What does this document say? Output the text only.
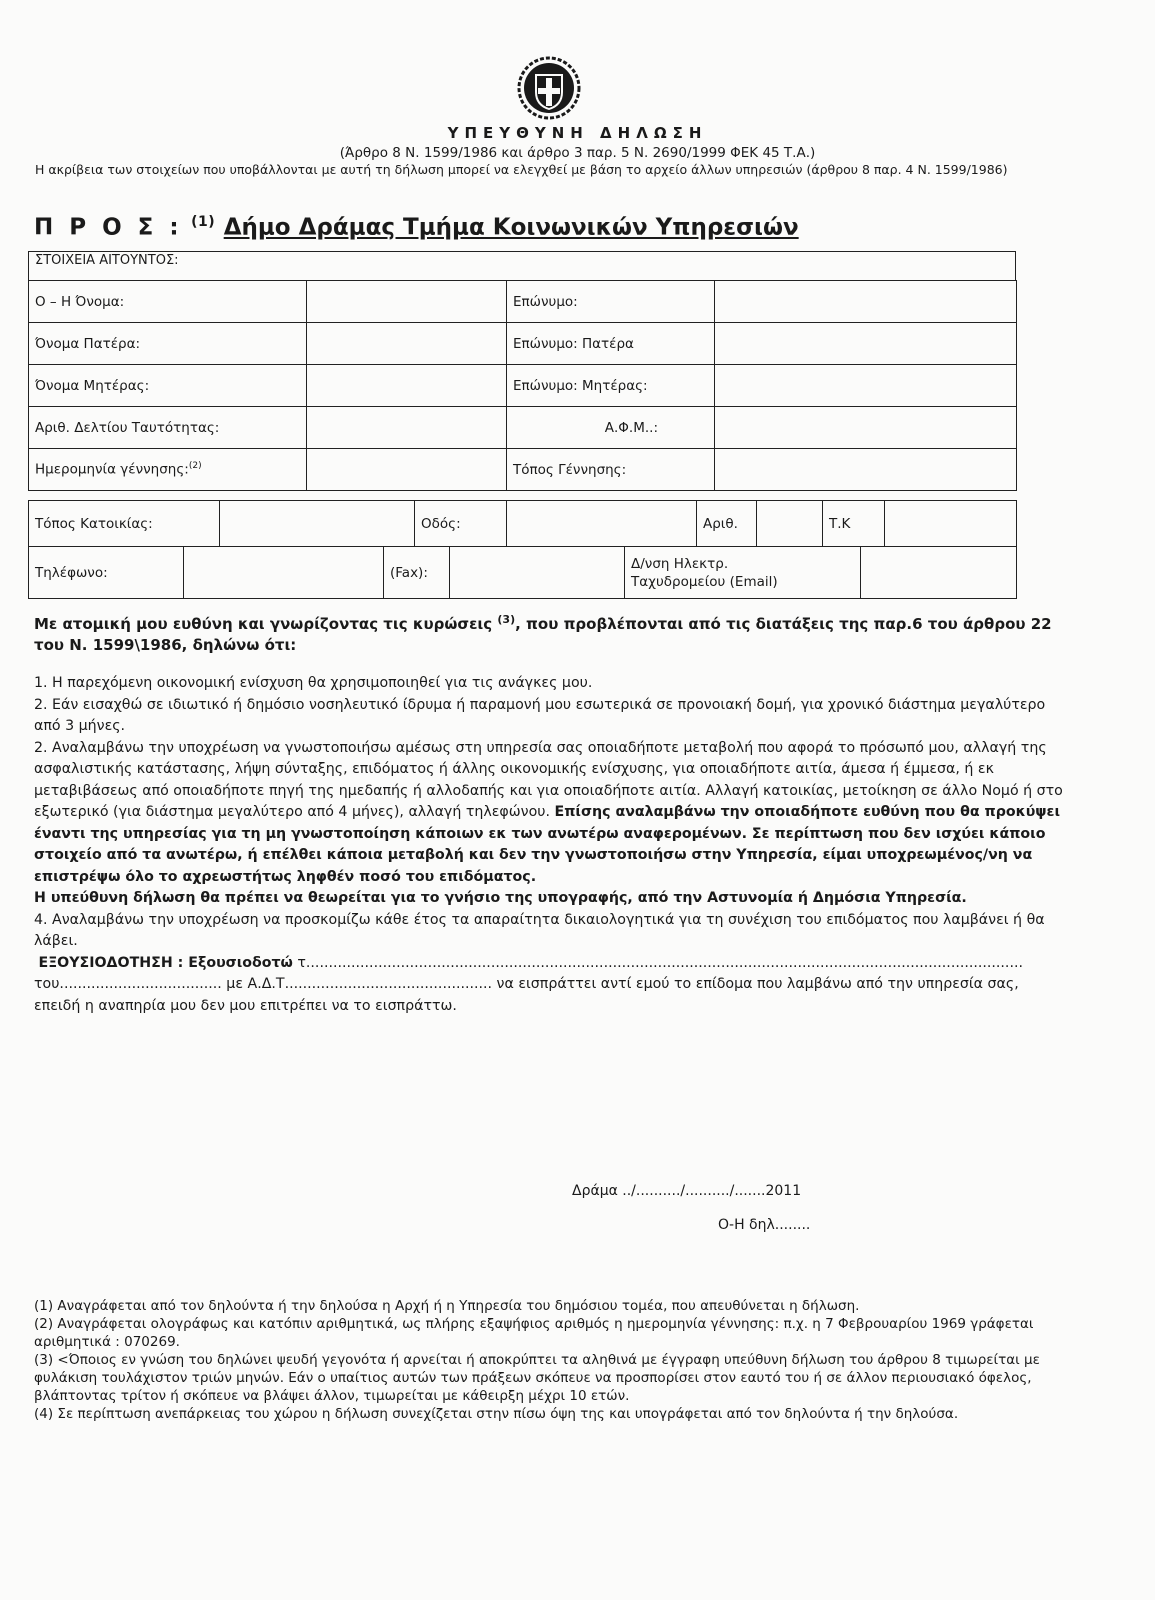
ΥΠΕΥΘΥΝΗ ΔΗΛΩΣΗ
(Άρθρο 8 Ν. 1599/1986 και άρθρο 3 παρ. 5 Ν. 2690/1999 ΦΕΚ 45 Τ.Α.)
Η ακρίβεια των στοιχείων που υποβάλλονται με αυτή τη δήλωση μπορεί να ελεγχθεί με βάση το αρχείο άλλων υπηρεσιών (άρθρου 8 παρ. 4 Ν. 1599/1986)
Π Ρ Ο Σ : $^{(1)}$ Δήμο Δράμας Τμήμα Κοινωνικών Υπηρεσιών
ΣΤΟΙΧΕΙΑ ΑΙΤΟΥΝΤΟΣ:
Ο – Η Όνομα:		Επώνυμο:	
Όνομα Πατέρα:		Επώνυμο: Πατέρα	
Όνομα Μητέρας:		Επώνυμο: Μητέρας:	
Αριθ. Δελτίου Ταυτότητας:		Α.Φ.Μ..:	
Ημερομηνία γέννησης:$^{(2)}$		Τόπος Γέννησης:	
Τόπος Κατοικίας:		Οδός:		Αριθ.		Τ.Κ	
Τηλέφωνο:		(Fax):		
Δ/νση Ηλεκτρ.
Ταχυδρομείου (Email)

Με ατομική μου ευθύνη και γνωρίζοντας τις κυρώσεις $^{(3)}$, που προβλέπονται από τις διατάξεις της παρ.6 του άρθρου 22 του Ν. 1599\1986, δηλώνω ότι:

1. Η παρεχόμενη οικονομική ενίσχυση θα χρησιμοποιηθεί για τις ανάγκες μου.

2. Εάν εισαχθώ σε ιδιωτικό ή δημόσιο νοσηλευτικό ίδρυμα ή παραμονή μου εσωτερικά σε προνοιακή δομή, για χρονικό διάστημα μεγαλύτερο από 3 μήνες.

2. Αναλαμβάνω την υποχρέωση να γνωστοποιήσω αμέσως στη υπηρεσία σας οποιαδήποτε μεταβολή που αφορά το πρόσωπό μου, αλλαγή της ασφαλιστικής κατάστασης, λήψη σύνταξης, επιδόματος ή άλλης οικονομικής ενίσχυσης, για οποιαδήποτε αιτία, άμεσα ή έμμεσα, ή εκ μεταβιβάσεως από οποιαδήποτε πηγή της ημεδαπής ή αλλοδαπής και για οποιαδήποτε αιτία. Αλλαγή κατοικίας, μετοίκηση σε άλλο Νομό ή στο εξωτερικό (για διάστημα μεγαλύτερο από 4 μήνες), αλλαγή τηλεφώνου. Επίσης αναλαμβάνω την οποιαδήποτε ευθύνη που θα προκύψει έναντι της υπηρεσίας για τη μη γνωστοποίηση κάποιων εκ των ανωτέρω αναφερομένων. Σε περίπτωση που δεν ισχύει κάποιο στοιχείο από τα ανωτέρω, ή επέλθει κάποια μεταβολή και δεν την γνωστοποιήσω στην Υπηρεσία, είμαι υποχρεωμένος/νη να επιστρέψω όλο το αχρεωστήτως ληφθέν ποσό του επιδόματος.

Η υπεύθυνη δήλωση θα πρέπει να θεωρείται για το γνήσιο της υπογραφής, από την Αστυνομία ή Δημόσια Υπηρεσία.

4. Αναλαμβάνω την υποχρέωση να προσκομίζω κάθε έτος τα απαραίτητα δικαιολογητικά για τη συνέχιση του επιδόματος που λαμβάνει ή θα λάβει.

ΕΞΟΥΣΙΟΔΟΤΗΣΗ : Εξουσιοδοτώ τ...............................................................................................................................................................

του.................................... με Α.Δ.Τ.............................................. να εισπράττει αντί εμού το επίδομα που λαμβάνω από την υπηρεσία σας, επειδή η αναπηρία μου δεν μου επιτρέπει να το εισπράττω.

Δράμα ../........../........../.......2011
Ο-Η δηλ........

(1) Αναγράφεται από τον δηλούντα ή την δηλούσα η Αρχή ή η Υπηρεσία του δημόσιου τομέα, που απευθύνεται η δήλωση.

(2) Αναγράφεται ολογράφως και κατόπιν αριθμητικά, ως πλήρης εξαψήφιος αριθμός η ημερομηνία γέννησης: π.χ. η 7 Φεβρουαρίου 1969 γράφεται αριθμητικά : 070269.

(3) <Όποιος εν γνώση του δηλώνει ψευδή γεγονότα ή αρνείται ή αποκρύπτει τα αληθινά με έγγραφη υπεύθυνη δήλωση του άρθρου 8 τιμωρείται με φυλάκιση τουλάχιστον τριών μηνών. Εάν ο υπαίτιος αυτών των πράξεων σκόπευε να προσπορίσει στον εαυτό του ή σε άλλον περιουσιακό όφελος, βλάπτοντας τρίτον ή σκόπευε να βλάψει άλλον, τιμωρείται με κάθειρξη μέχρι 10 ετών.

(4) Σε περίπτωση ανεπάρκειας του χώρου η δήλωση συνεχίζεται στην πίσω όψη της και υπογράφεται από τον δηλούντα ή την δηλούσα.
